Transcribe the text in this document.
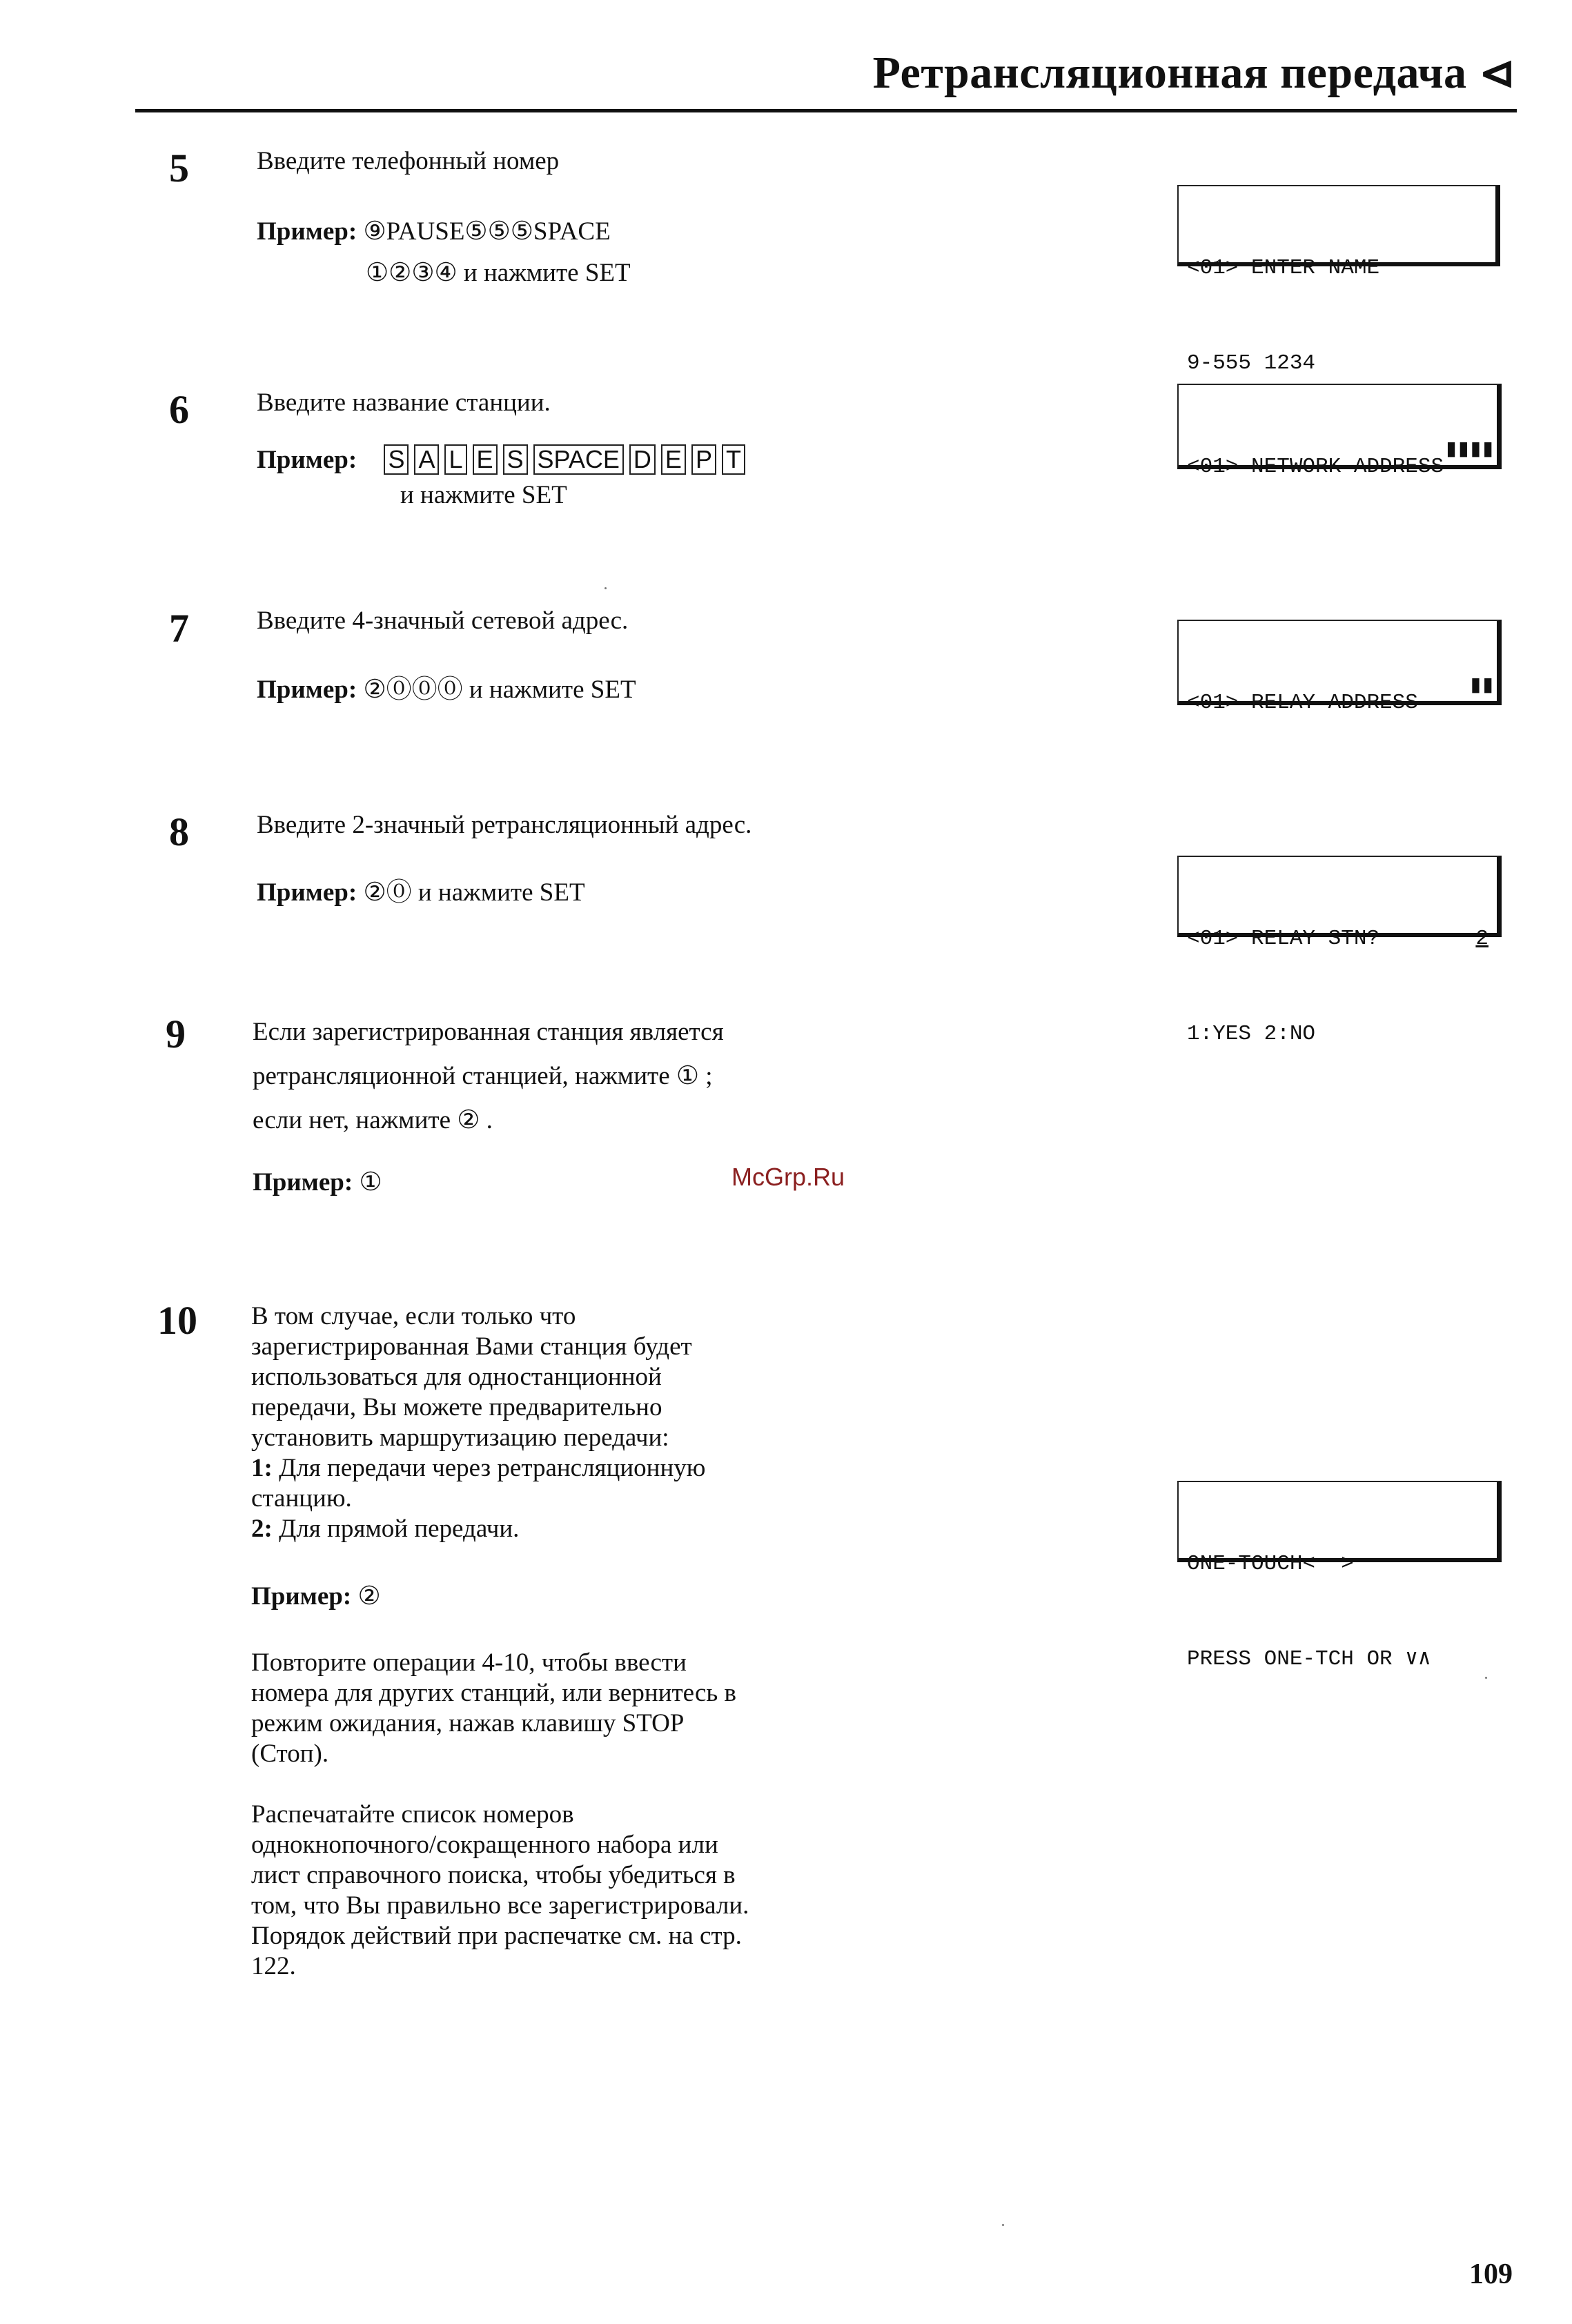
Ретрансляционная передача ⊲
5	Введите телефонный номер
Пример: ⑨PAUSE⑤⑤⑤SPACE
①②③④ и нажмите SET

	<01> ENTER NAME

9-555 1234

6	Введите название станции.
Пример: S A L E S SPACE D E P T
и нажмите SET

<01> NETWORK ADDRESS

▮▮▮▮

7	Введите 4-значный сетевой адрес.
Пример: ②⓪⓪⓪ и нажмите SET

	<01> RELAY ADDRESS

▮▮

8	Введите 2-значный ретрансляционный адрес.
Пример: ②⓪ и нажмите SET

<01> RELAY STN?	2

1:YES 2:NO

9	Если зарегистрированная станция является
ретрансляционной станцией, нажмите ① ;
если нет, нажмите ② .
Пример: ①	McGrp.Ru
10 В том случае, если только что
зарегистрированная Вами станция будет
использоваться для одностанционной
передачи, Вы можете предварительно
установить маршрутизацию передачи:
1: Для передачи через ретрансляционную
станцию.
2: Для прямой передачи.
Пример: ②

ONE-TOUCH<  >

PRESS ONE-TCH OR ∨∧

Повторите операции 4-10, чтобы ввести
номера для других станций, или вернитесь в
режим ожидания, нажав клавишу STOP
(Стоп).
Распечатайте список номеров
однокнопочного/сокращенного набора или
лист справочного поиска, чтобы убедиться в
том, что Вы правильно все зарегистрировали.
Порядок действий при распечатке см. на стр.
122.
109
